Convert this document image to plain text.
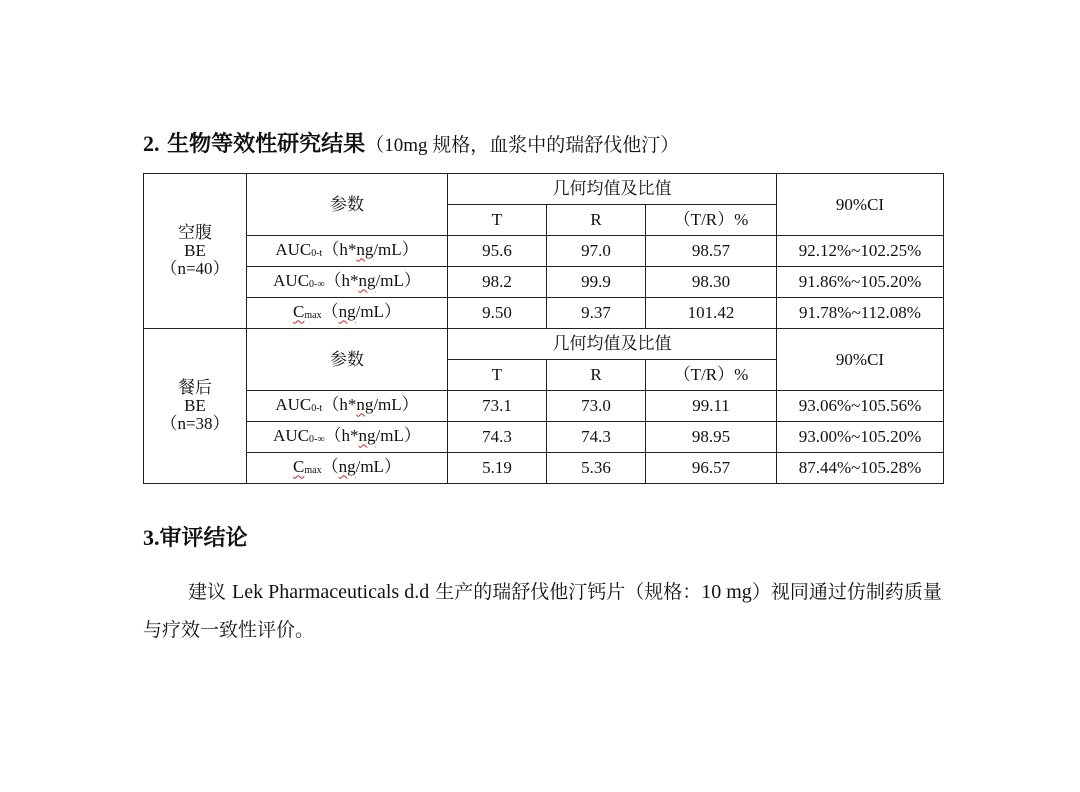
2. 生物等效性研究结果（10mg 规格，血浆中的瑞舒伐他汀）
空腹
BE
（n=40）	参数	几何均值及比值			90%CI
		T	R	（T/R）%	
	$AUC_{0-t}(h*ng/mL)$	95.6	97.0	98.57	92.12%~102.25%
	$AUC_{0-\infty}(h*ng/mL)$	98.2	99.9	98.30	91.86%~105.20%
	$C_{max}(ng/mL)$	9.50	9.37	101.42	91.78%~112.08%

餐后
BE
（n=38）	参数	几何均值及比值			90%CI
		T	R	（T/R）%	
	$AUC_{0-t}(h*ng/mL)$	73.1	73.0	99.11	93.06%~105.56%
	$AUC_{0-\infty}(h*ng/mL)$	74.3	74.3	98.95	93.00%~105.20%
	$C_{max}(ng/mL)$	5.19	5.36	96.57	87.44%~105.28%
3.审评结论

建议 Lek Pharmaceuticals d.d 生产的瑞舒伐他汀钙片（规格：10 mg）视同通过仿制药质量与疗效一致性评价。
